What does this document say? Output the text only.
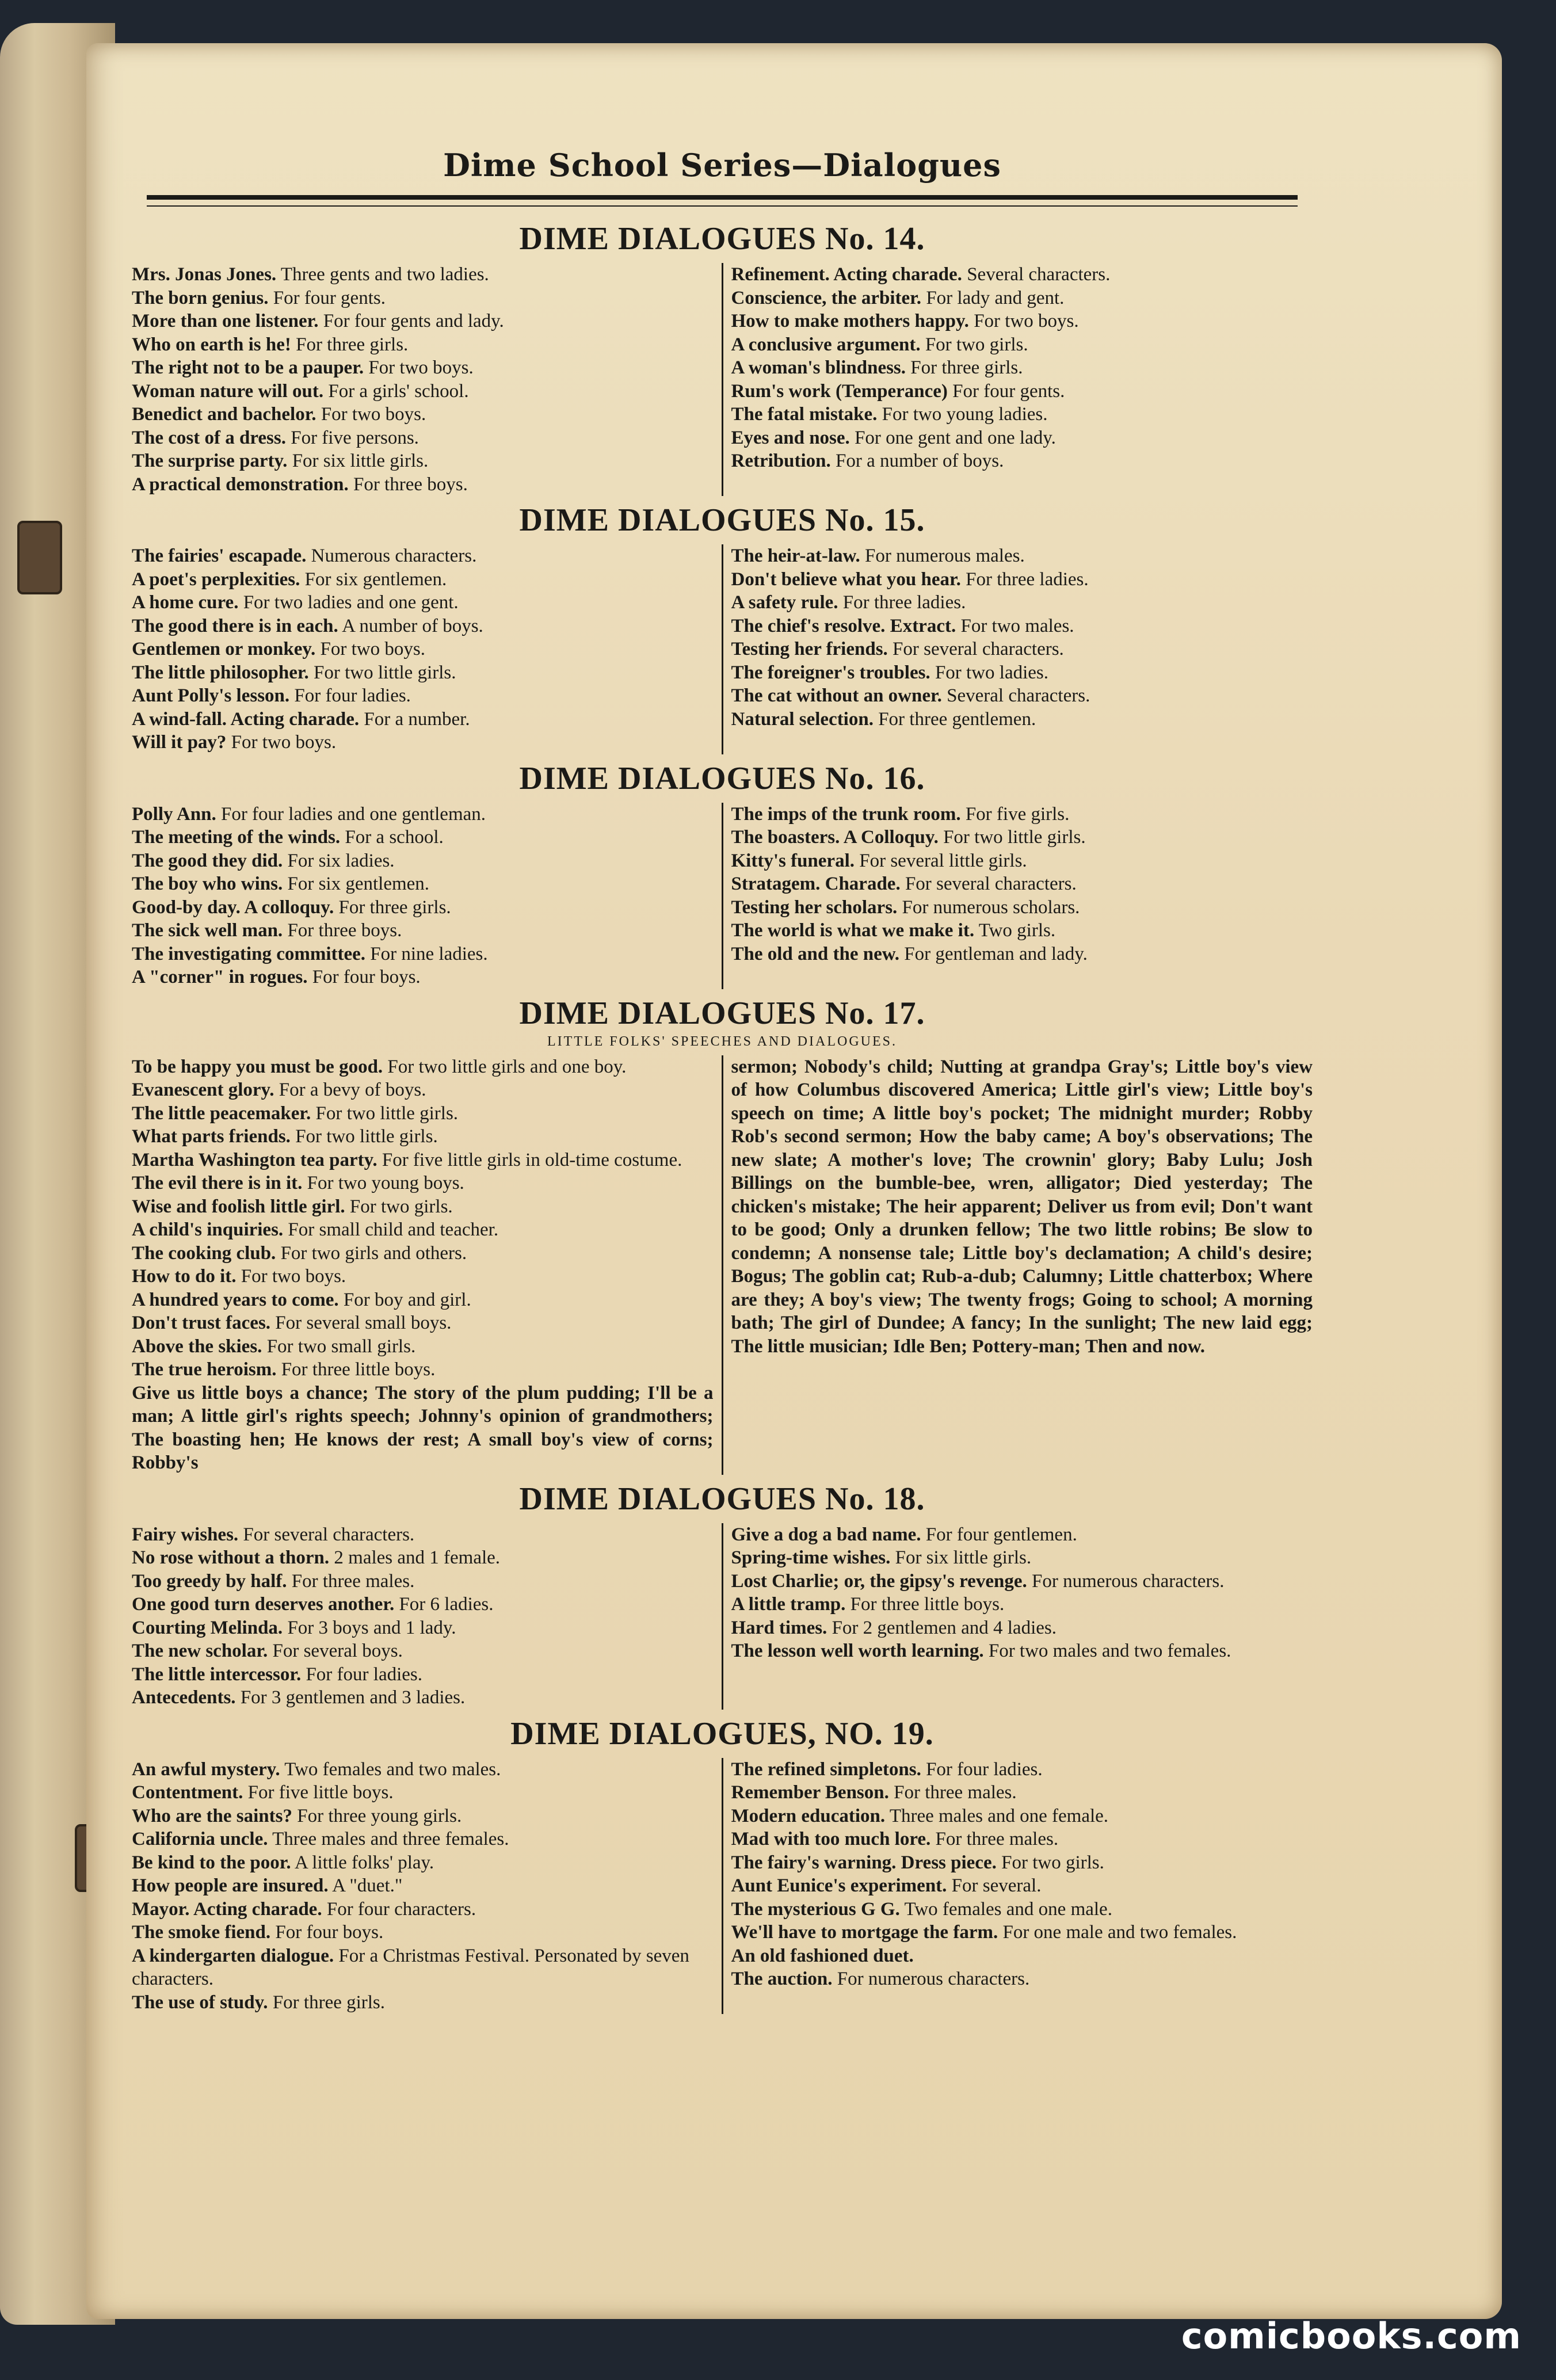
Dime School Series—Dialogues
DIME DIALOGUES No. 14.
Mrs. Jonas Jones. Three gents and two ladies.
The born genius. For four gents.
More than one listener. For four gents and lady.
Who on earth is he! For three girls.
The right not to be a pauper. For two boys.
Woman nature will out. For a girls' school.
Benedict and bachelor. For two boys.
The cost of a dress. For five persons.
The surprise party. For six little girls.
A practical demonstration. For three boys.
Refinement. Acting charade. Several characters.
Conscience, the arbiter. For lady and gent.
How to make mothers happy. For two boys.
A conclusive argument. For two girls.
A woman's blindness. For three girls.
Rum's work (Temperance) For four gents.
The fatal mistake. For two young ladies.
Eyes and nose. For one gent and one lady.
Retribution. For a number of boys.
DIME DIALOGUES No. 15.
The fairies' escapade. Numerous characters.
A poet's perplexities. For six gentlemen.
A home cure. For two ladies and one gent.
The good there is in each. A number of boys.
Gentlemen or monkey. For two boys.
The little philosopher. For two little girls.
Aunt Polly's lesson. For four ladies.
A wind-fall. Acting charade. For a number.
Will it pay? For two boys.
The heir-at-law. For numerous males.
Don't believe what you hear. For three ladies.
A safety rule. For three ladies.
The chief's resolve. Extract. For two males.
Testing her friends. For several characters.
The foreigner's troubles. For two ladies.
The cat without an owner. Several characters.
Natural selection. For three gentlemen.
DIME DIALOGUES No. 16.
Polly Ann. For four ladies and one gentleman.
The meeting of the winds. For a school.
The good they did. For six ladies.
The boy who wins. For six gentlemen.
Good-by day. A colloquy. For three girls.
The sick well man. For three boys.
The investigating committee. For nine ladies.
A "corner" in rogues. For four boys.
The imps of the trunk room. For five girls.
The boasters. A Colloquy. For two little girls.
Kitty's funeral. For several little girls.
Stratagem. Charade. For several characters.
Testing her scholars. For numerous scholars.
The world is what we make it. Two girls.
The old and the new. For gentleman and lady.
DIME DIALOGUES No. 17.
LITTLE FOLKS' SPEECHES AND DIALOGUES.
To be happy you must be good. For two little girls and one boy.
Evanescent glory. For a bevy of boys.
The little peacemaker. For two little girls.
What parts friends. For two little girls.
Martha Washington tea party. For five little girls in old-time costume.
The evil there is in it. For two young boys.
Wise and foolish little girl. For two girls.
A child's inquiries. For small child and teacher.
The cooking club. For two girls and others.
How to do it. For two boys.
A hundred years to come. For boy and girl.
Don't trust faces. For several small boys.
Above the skies. For two small girls.
The true heroism. For three little boys.
Give us little boys a chance; The story of the plum pudding; I'll be a man; A little girl's rights speech; Johnny's opinion of grandmothers; The boasting hen; He knows der rest; A small boy's view of corns; Robby's
sermon; Nobody's child; Nutting at grandpa Gray's; Little boy's view of how Columbus discovered America; Little girl's view; Little boy's speech on time; A little boy's pocket; The midnight murder; Robby Rob's second sermon; How the baby came; A boy's observations; The new slate; A mother's love; The crownin' glory; Baby Lulu; Josh Billings on the bumble-bee, wren, alligator; Died yesterday; The chicken's mistake; The heir apparent; Deliver us from evil; Don't want to be good; Only a drunken fellow; The two little robins; Be slow to condemn; A nonsense tale; Little boy's declamation; A child's desire; Bogus; The goblin cat; Rub-a-dub; Calumny; Little chatterbox; Where are they; A boy's view; The twenty frogs; Going to school; A morning bath; The girl of Dundee; A fancy; In the sunlight; The new laid egg; The little musician; Idle Ben; Pottery-man; Then and now.
DIME DIALOGUES No. 18.
Fairy wishes. For several characters.
No rose without a thorn. 2 males and 1 female.
Too greedy by half. For three males.
One good turn deserves another. For 6 ladies.
Courting Melinda. For 3 boys and 1 lady.
The new scholar. For several boys.
The little intercessor. For four ladies.
Antecedents. For 3 gentlemen and 3 ladies.
Give a dog a bad name. For four gentlemen.
Spring-time wishes. For six little girls.
Lost Charlie; or, the gipsy's revenge. For numerous characters.
A little tramp. For three little boys.
Hard times. For 2 gentlemen and 4 ladies.
The lesson well worth learning. For two males and two females.
DIME DIALOGUES, NO. 19.
An awful mystery. Two females and two males.
Contentment. For five little boys.
Who are the saints? For three young girls.
California uncle. Three males and three females.
Be kind to the poor. A little folks' play.
How people are insured. A "duet."
Mayor. Acting charade. For four characters.
The smoke fiend. For four boys.
A kindergarten dialogue. For a Christmas Festival. Personated by seven characters.
The use of study. For three girls.
The refined simpletons. For four ladies.
Remember Benson. For three males.
Modern education. Three males and one female.
Mad with too much lore. For three males.
The fairy's warning. Dress piece. For two girls.
Aunt Eunice's experiment. For several.
The mysterious G G. Two females and one male.
We'll have to mortgage the farm. For one male and two females.
An old fashioned duet.
The auction. For numerous characters.
comicbooks.com
